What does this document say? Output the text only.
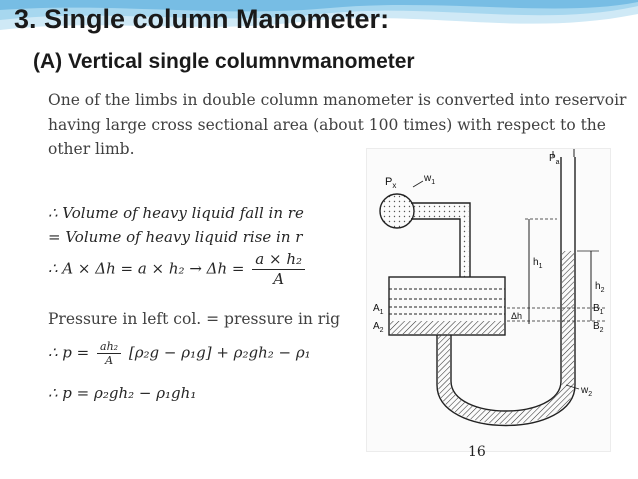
3. Single column Manometer:
(A) Vertical single columnvmanometer

One of the limbs in double column manometer is converted into reservoir having large cross sectional area (about 100 times) with respect to the other limb.

∴ Volume of heavy liquid fall in re
= Volume of heavy liquid rise in r
∴ $A \times \Delta h = a \times h_2 \to \Delta h = \frac{\text{a × h₂}}{A}$
Pressure in left col. = pressure in rig
∴ $p = \frac{\text{ah₂}}{A} [\rho_2g - \rho_1g] + \rho_2gh_2 - \rho_1$
∴ p = ρ₂gh₂ − ρ₁gh₁
$P_x$
$w_1$
$P_a$
$h_1$
$h_2$
$A_1$
$A_2$
Δh
$B_1$
$B_2$
$w_2$
16
